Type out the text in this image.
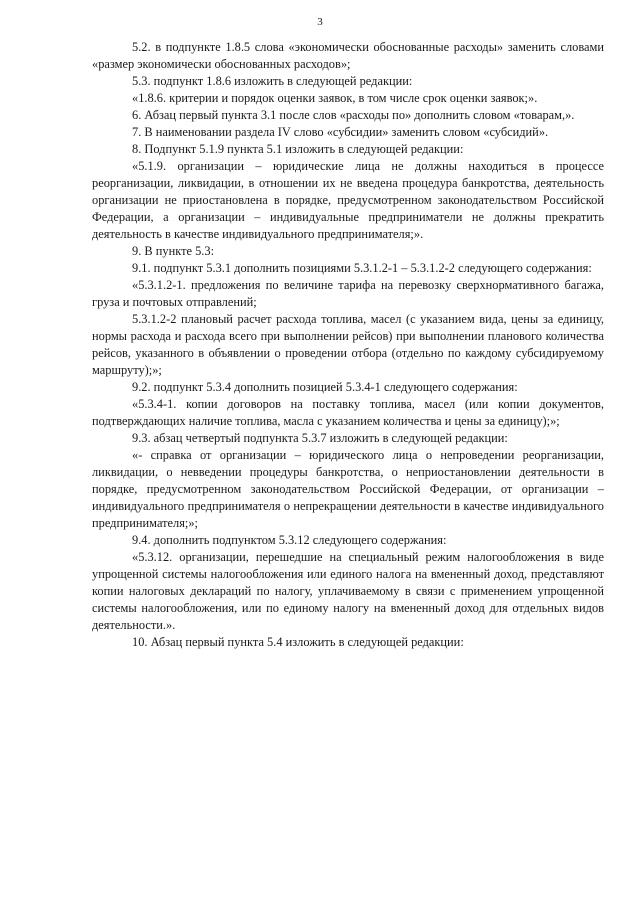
3

5.2. в подпункте 1.8.5 слова «экономически обоснованные расходы» заменить словами «размер экономически обоснованных расходов»;

5.3. подпункт 1.8.6 изложить в следующей редакции:

«1.8.6. критерии и порядок оценки заявок, в том числе срок оценки заявок;».

6. Абзац первый пункта 3.1 после слов «расходы по» дополнить словом «товарам,».

7. В наименовании раздела IV слово «субсидии» заменить словом «субсидий».

8. Подпункт 5.1.9 пункта 5.1 изложить в следующей редакции:

«5.1.9. организации – юридические лица не должны находиться в процессе реорганизации, ликвидации, в отношении их не введена процедура банкротства, деятельность организации не приостановлена в порядке, предусмотренном законодательством Российской Федерации, а организации – индивидуальные предприниматели не должны прекратить деятельность в качестве индивидуального предпринимателя;».

9. В пункте 5.3:

9.1. подпункт 5.3.1 дополнить позициями 5.3.1.2-1 – 5.3.1.2-2 следующего содержания:

«5.3.1.2-1. предложения по величине тарифа на перевозку сверхнормативного багажа, груза и почтовых отправлений;

5.3.1.2-2 плановый расчет расхода топлива, масел (с указанием вида, цены за единицу, нормы расхода и расхода всего при выполнении рейсов) при выполнении планового количества рейсов, указанного в объявлении о проведении отбора (отдельно по каждому субсидируемому маршруту);»;

9.2. подпункт 5.3.4 дополнить позицией 5.3.4-1 следующего содержания:

«5.3.4-1. копии договоров на поставку топлива, масел (или копии документов, подтверждающих наличие топлива, масла с указанием количества и цены за единицу);»;

9.3. абзац четвертый подпункта 5.3.7 изложить в следующей редакции:

«- справка от организации – юридического лица о непроведении реорганизации, ликвидации, о невведении процедуры банкротства, о неприостановлении деятельности в порядке, предусмотренном законодательством Российской Федерации, от организации – индивидуального предпринимателя о непрекращении деятельности в качестве индивидуального предпринимателя;»;

9.4. дополнить подпунктом 5.3.12 следующего содержания:

«5.3.12. организации, перешедшие на специальный режим налогообложения в виде упрощенной системы налогообложения или единого налога на вмененный доход, представляют копии налоговых деклараций по налогу, уплачиваемому в связи с применением упрощенной системы налогообложения, или по единому налогу на вмененный доход для отдельных видов деятельности.».

10. Абзац первый пункта 5.4 изложить в следующей редакции:
